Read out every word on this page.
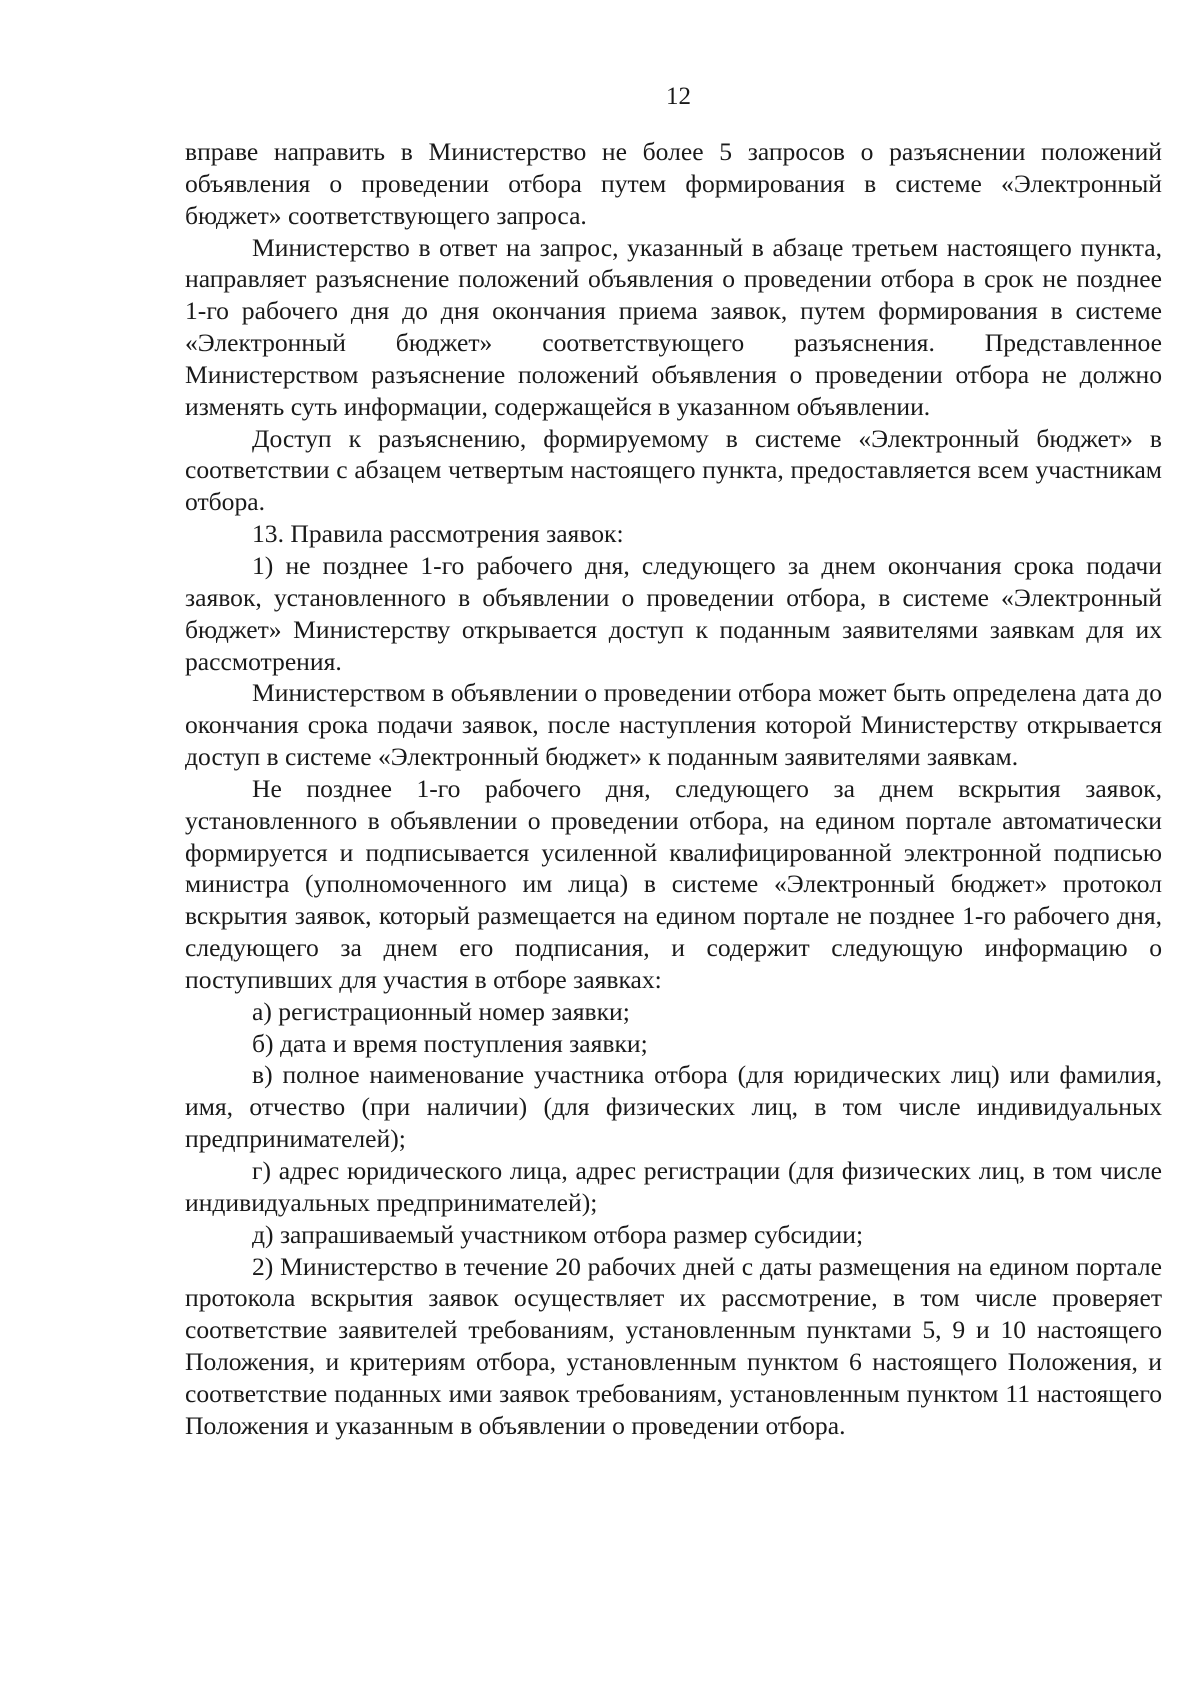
12

вправе направить в Министерство не более 5 запросов о разъяснении положений объявления о проведении отбора путем формирования в системе «Электронный бюджет» соответствующего запроса.

Министерство в ответ на запрос, указанный в абзаце третьем настоящего пункта, направляет разъяснение положений объявления о проведении отбора в срок не позднее 1-го рабочего дня до дня окончания приема заявок, путем формирования в системе «Электронный бюджет» соответствующего разъяснения. Представленное Министерством разъяснение положений объявления о проведении отбора не должно изменять суть информации, содержащейся в указанном объявлении.

Доступ к разъяснению, формируемому в системе «Электронный бюджет» в соответствии с абзацем четвертым настоящего пункта, предоставляется всем участникам отбора.

13. Правила рассмотрения заявок:

1) не позднее 1-го рабочего дня, следующего за днем окончания срока подачи заявок, установленного в объявлении о проведении отбора, в системе «Электронный бюджет» Министерству открывается доступ к поданным заявителями заявкам для их рассмотрения.

Министерством в объявлении о проведении отбора может быть определена дата до окончания срока подачи заявок, после наступления которой Министерству открывается доступ в системе «Электронный бюджет» к поданным заявителями заявкам.

Не позднее 1-го рабочего дня, следующего за днем вскрытия заявок, установленного в объявлении о проведении отбора, на едином портале автоматически формируется и подписывается усиленной квалифицированной электронной подписью министра (уполномоченного им лица) в системе «Электронный бюджет» протокол вскрытия заявок, который размещается на едином портале не позднее 1-го рабочего дня, следующего за днем его подписания, и содержит следующую информацию о поступивших для участия в отборе заявках:

а) регистрационный номер заявки;

б) дата и время поступления заявки;

в) полное наименование участника отбора (для юридических лиц) или фамилия, имя, отчество (при наличии) (для физических лиц, в том числе индивидуальных предпринимателей);

г) адрес юридического лица, адрес регистрации (для физических лиц, в том числе индивидуальных предпринимателей);

д) запрашиваемый участником отбора размер субсидии;

2) Министерство в течение 20 рабочих дней с даты размещения на едином портале протокола вскрытия заявок осуществляет их рассмотрение, в том числе проверяет соответствие заявителей требованиям, установленным пунктами 5, 9 и 10 настоящего Положения, и критериям отбора, установленным пунктом 6 настоящего Положения, и соответствие поданных ими заявок требованиям, установленным пунктом 11 настоящего Положения и указанным в объявлении о проведении отбора.
